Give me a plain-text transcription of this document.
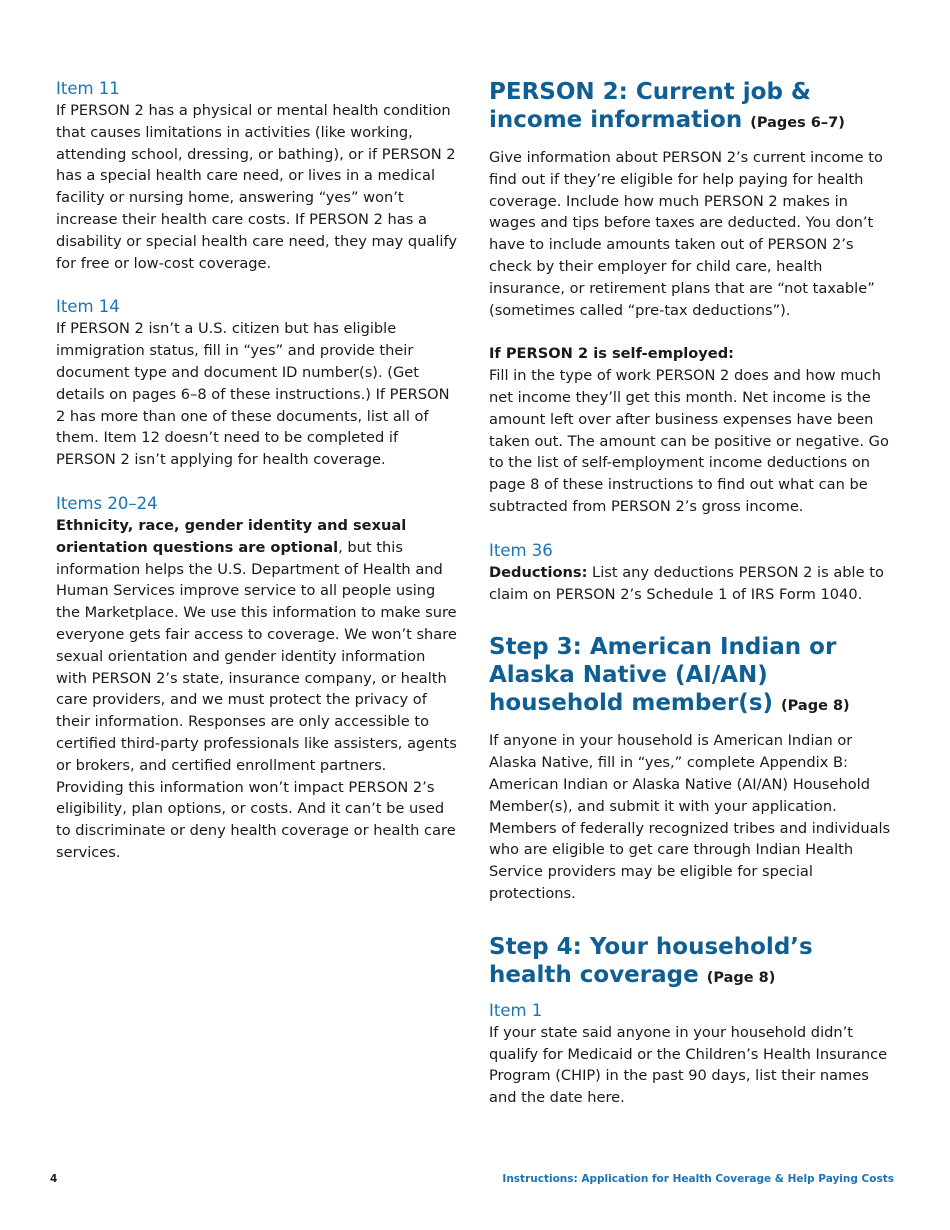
Item 11

If PERSON 2 has a physical or mental health condition that causes limitations in activities (like working, attending school, dressing, or bathing), or if PERSON 2 has a special health care need, or lives in a medical facility or nursing home, answering “yes” won’t increase their health care costs. If PERSON 2 has a disability or special health care need, they may qualify for free or low-cost coverage.

Item 14

If PERSON 2 isn’t a U.S. citizen but has eligible immigration status, fill in “yes” and provide their document type and document ID number(s). (Get details on pages 6–8 of these instructions.) If PERSON 2 has more than one of these documents, list all of them. Item 12 doesn’t need to be completed if PERSON 2 isn’t applying for health coverage.

Items 20–24

Ethnicity, race, gender identity and sexual orientation questions are optional, but this information helps the U.S. Department of Health and Human Services improve service to all people using the Marketplace. We use this information to make sure everyone gets fair access to coverage. We won’t share sexual orientation and gender identity information with PERSON 2’s state, insurance company, or health care providers, and we must protect the privacy of their information. Responses are only accessible to certified third-party professionals like assisters, agents or brokers, and certified enrollment partners. Providing this information won’t impact PERSON 2’s eligibility, plan options, or costs. And it can’t be used to discriminate or deny health coverage or health care services.

PERSON 2: Current job & income information (Pages 6–7)

Give information about PERSON 2’s current income to find out if they’re eligible for help paying for health coverage. Include how much PERSON 2 makes in wages and tips before taxes are deducted. You don’t have to include amounts taken out of PERSON 2’s check by their employer for child care, health insurance, or retirement plans that are “not taxable” (sometimes called “pre-tax deductions”).

If PERSON 2 is self-employed:

Fill in the type of work PERSON 2 does and how much net income they’ll get this month. Net income is the amount left over after business expenses have been taken out. The amount can be positive or negative. Go to the list of self-employment income deductions on page 8 of these instructions to find out what can be subtracted from PERSON 2’s gross income.

Item 36

Deductions: List any deductions PERSON 2 is able to claim on PERSON 2’s Schedule 1 of IRS Form 1040.

Step 3: American Indian or Alaska Native (AI/AN) household member(s) (Page 8)

If anyone in your household is American Indian or Alaska Native, fill in “yes,” complete Appendix B: American Indian or Alaska Native (AI/AN) Household Member(s), and submit it with your application. Members of federally recognized tribes and individuals who are eligible to get care through Indian Health Service providers may be eligible for special protections.

Step 4: Your household’s health coverage (Page 8)
Item 1

If your state said anyone in your household didn’t qualify for Medicaid or the Children’s Health Insurance Program (CHIP) in the past 90 days, list their names and the date here.

4	Instructions: Application for Health Coverage & Help Paying Costs
